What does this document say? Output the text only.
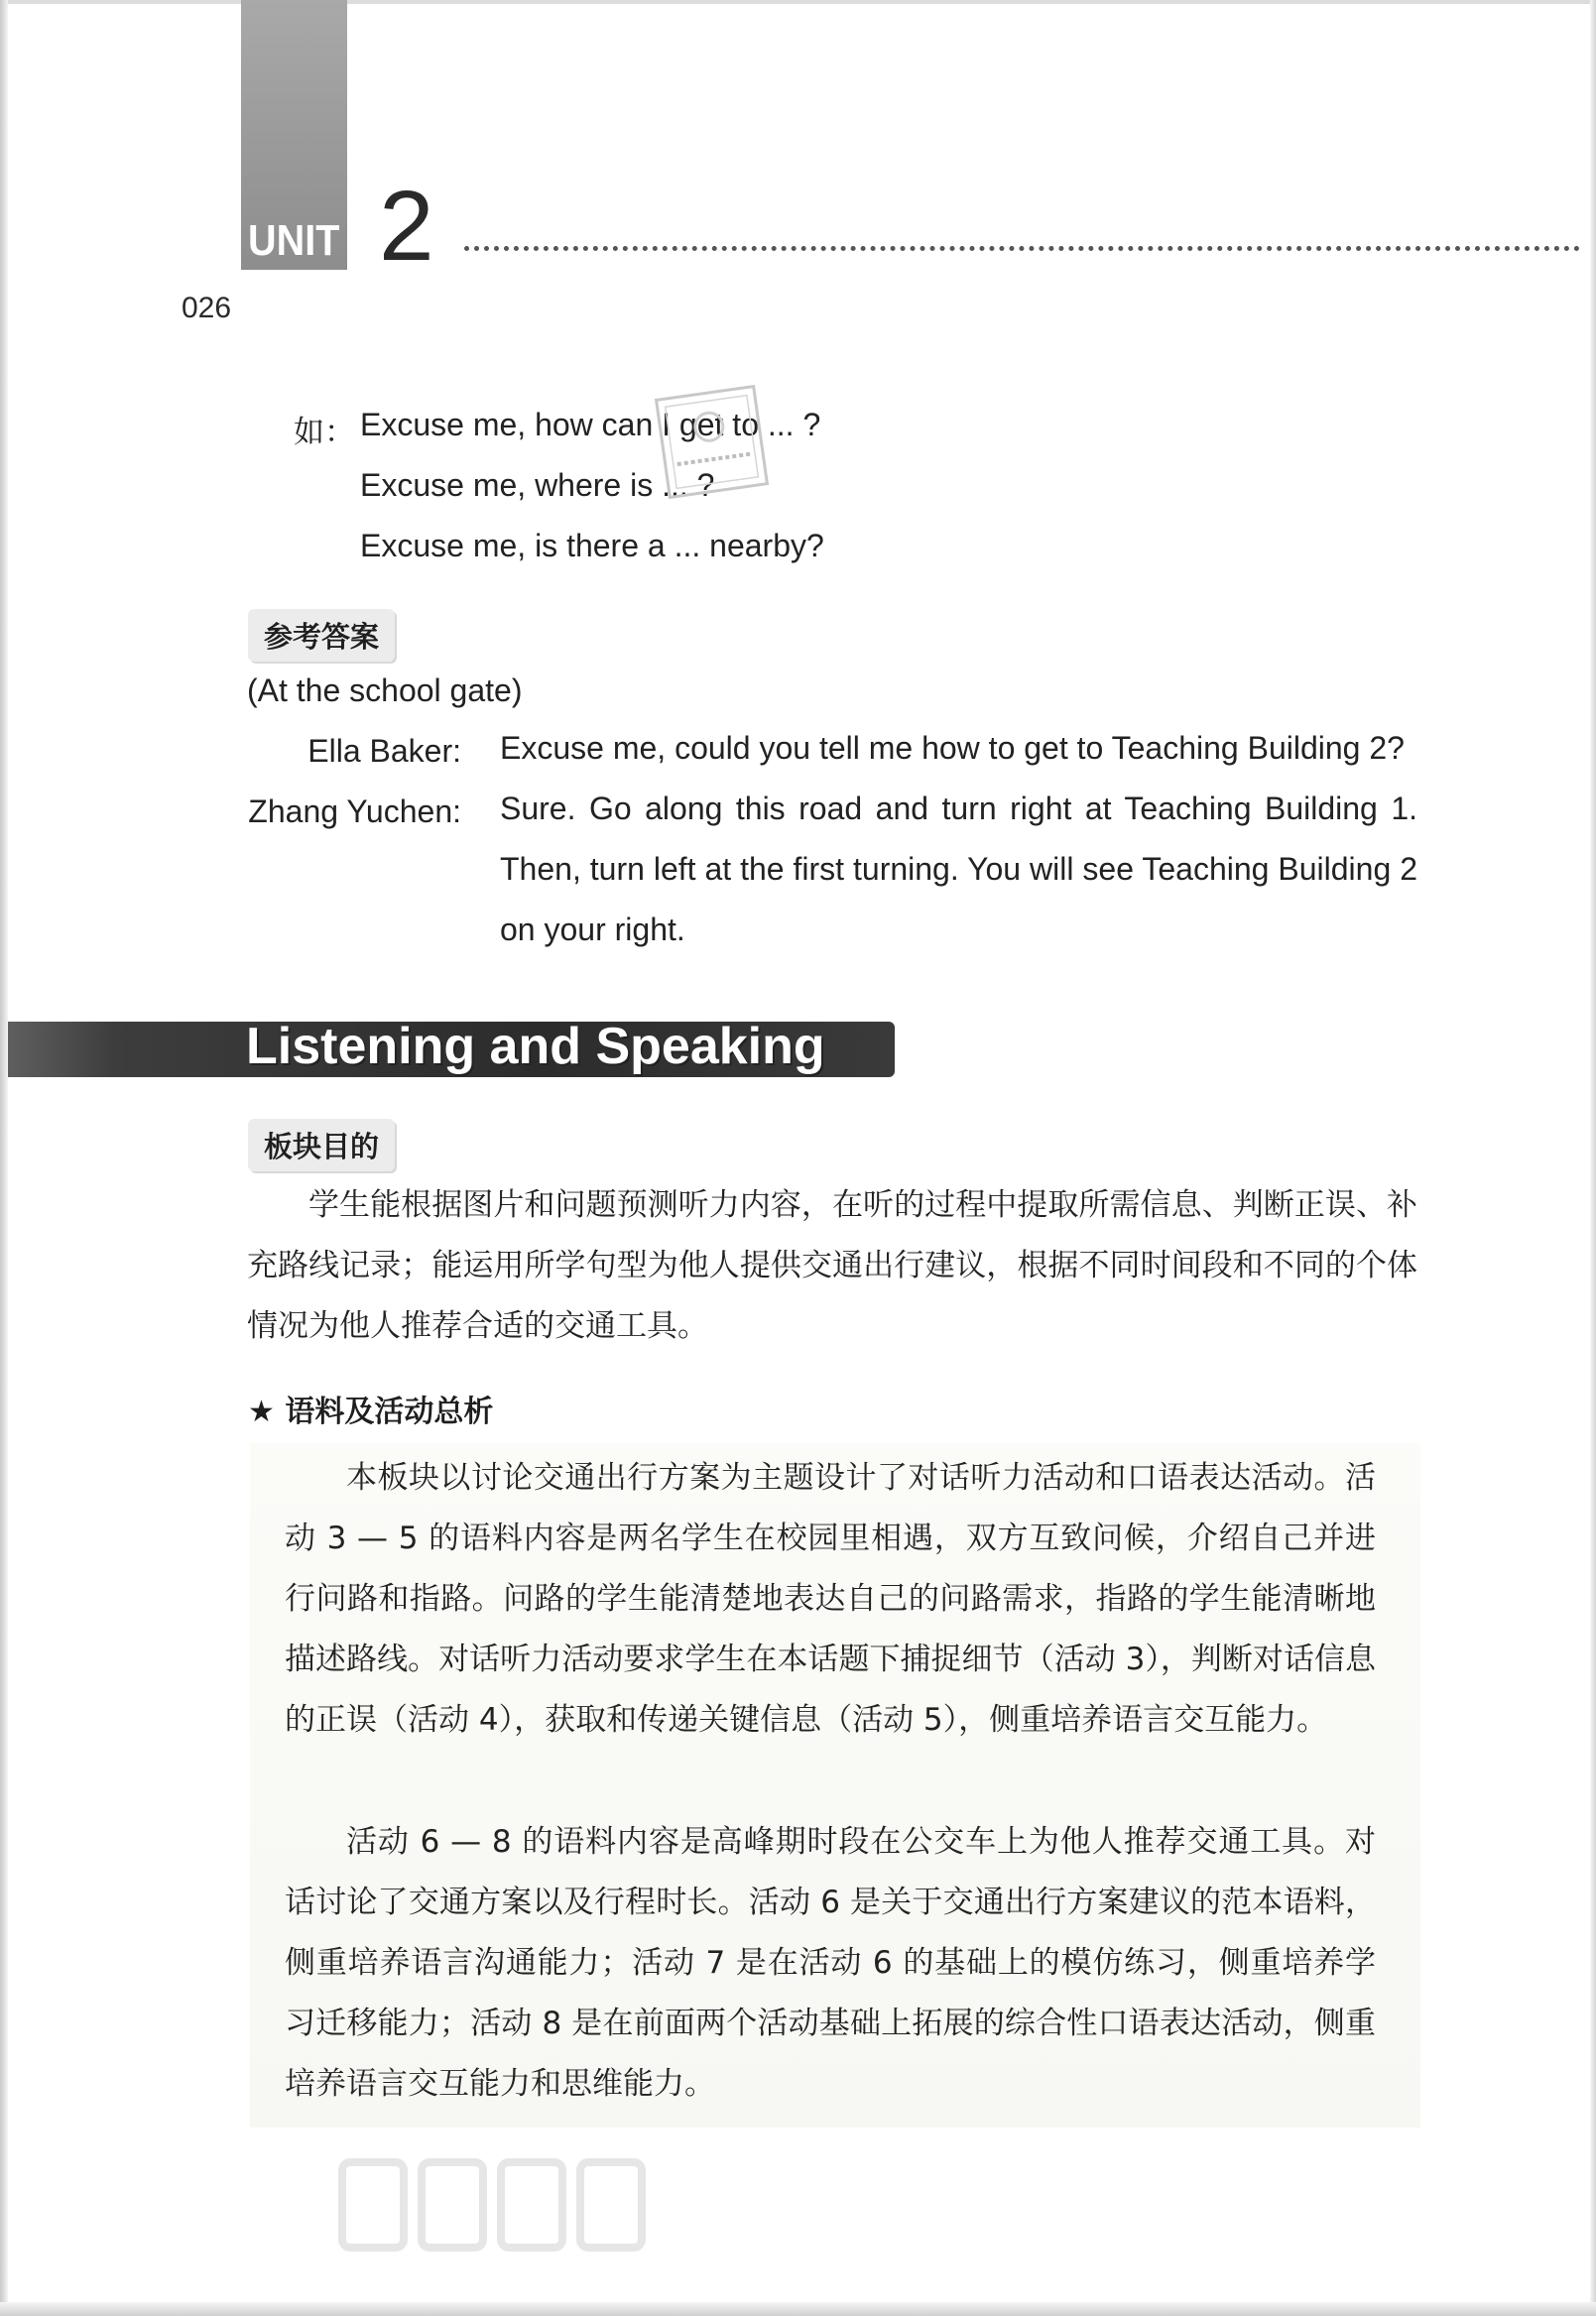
UNIT 2
026
如： Excuse me, how can I get to ... ?
Excuse me, where is ... ?
Excuse me, is there a ... nearby?
参考答案
(At the school gate)
Ella Baker: Excuse me, could you tell me how to get to Teaching Building 2?
Zhang Yuchen: Sure. Go along this road and turn right at Teaching Building 1. Then, turn left at the first turning. You will see Teaching Building 2 on your right.
Listening and Speaking
板块目的
学生能根据图片和问题预测听力内容，在听的过程中提取所需信息、判断正误、补充路线记录；能运用所学句型为他人提供交通出行建议，根据不同时间段和不同的个体情况为他人推荐合适的交通工具。
★ 语料及活动总析
本板块以讨论交通出行方案为主题设计了对话听力活动和口语表达活动。活动 3 — 5 的语料内容是两名学生在校园里相遇，双方互致问候，介绍自己并进行问路和指路。问路的学生能清楚地表达自己的问路需求，指路的学生能清晰地描述路线。对话听力活动要求学生在本话题下捕捉细节（活动 3），判断对话信息的正误（活动 4），获取和传递关键信息（活动 5），侧重培养语言交互能力。
活动 6 — 8 的语料内容是高峰期时段在公交车上为他人推荐交通工具。对话讨论了交通方案以及行程时长。活动 6 是关于交通出行方案建议的范本语料，侧重培养语言沟通能力；活动 7 是在活动 6 的基础上的模仿练习，侧重培养学习迁移能力；活动 8 是在前面两个活动基础上拓展的综合性口语表达活动，侧重培养语言交互能力和思维能力。
